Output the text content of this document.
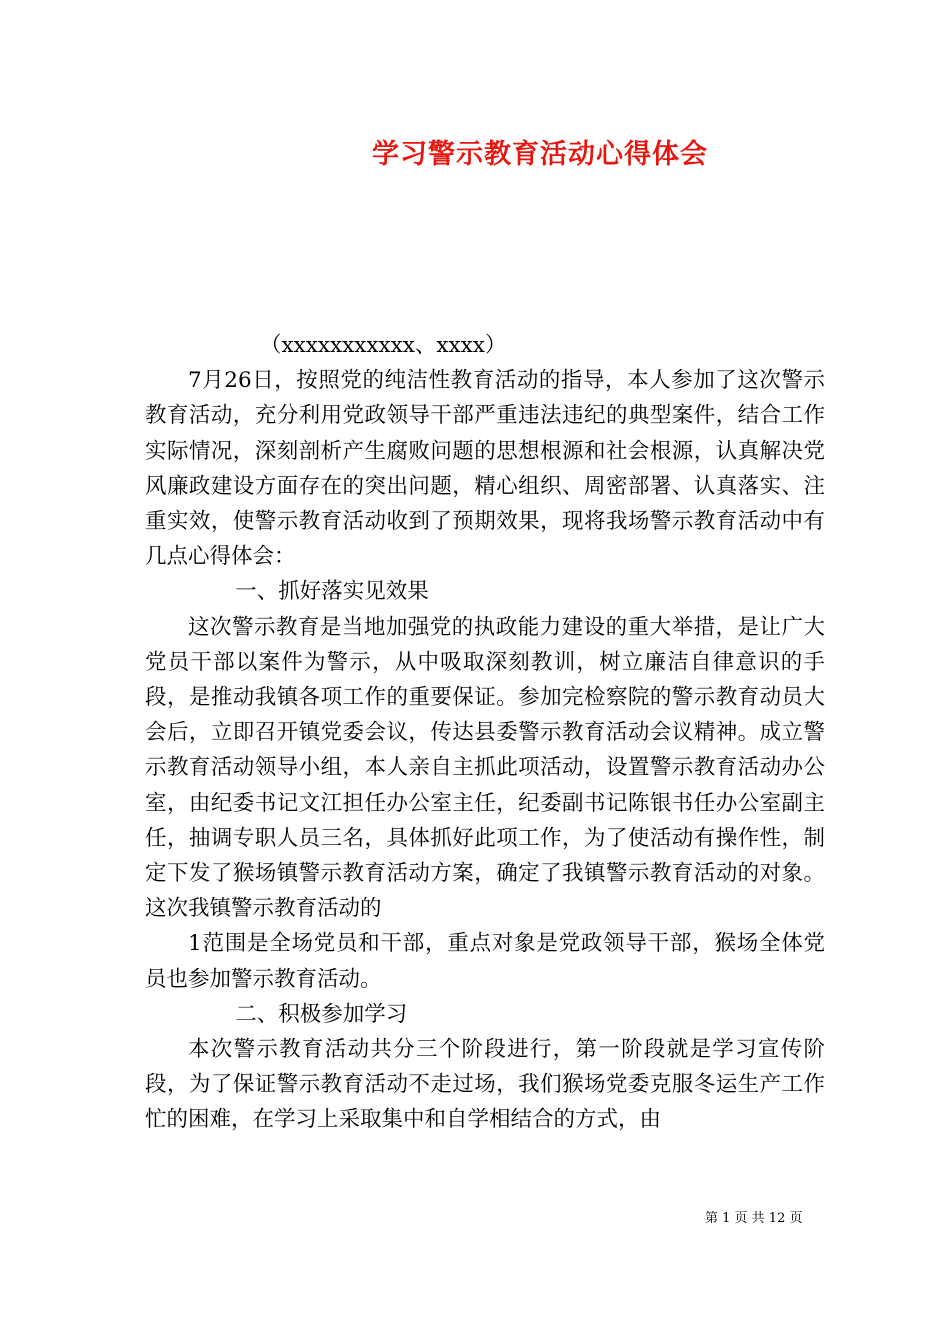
学习警示教育活动心得体会

（xxxxxxxxxxx、xxxx）

7月26日，按照党的纯洁性教育活动的指导，本人参加了这次警示教育活动，充分利用党政领导干部严重违法违纪的典型案件，结合工作实际情况，深刻剖析产生腐败问题的思想根源和社会根源，认真解决党风廉政建设方面存在的突出问题，精心组织、周密部署、认真落实、注重实效，使警示教育活动收到了预期效果，现将我场警示教育活动中有几点心得体会：

一、抓好落实见效果

这次警示教育是当地加强党的执政能力建设的重大举措，是让广大党员干部以案件为警示，从中吸取深刻教训，树立廉洁自律意识的手段，是推动我镇各项工作的重要保证。参加完检察院的警示教育动员大会后，立即召开镇党委会议，传达县委警示教育活动会议精神。成立警示教育活动领导小组，本人亲自主抓此项活动，设置警示教育活动办公室，由纪委书记文江担任办公室主任，纪委副书记陈银书任办公室副主任，抽调专职人员三名，具体抓好此项工作，为了使活动有操作性，制定下发了猴场镇警示教育活动方案，确定了我镇警示教育活动的对象。这次我镇警示教育活动的

1范围是全场党员和干部，重点对象是党政领导干部，猴场全体党员也参加警示教育活动。

二、积极参加学习

本次警示教育活动共分三个阶段进行，第一阶段就是学习宣传阶段，为了保证警示教育活动不走过场，我们猴场党委克服冬运生产工作忙的困难，在学习上采取集中和自学相结合的方式，由

第 1 页 共 12 页
